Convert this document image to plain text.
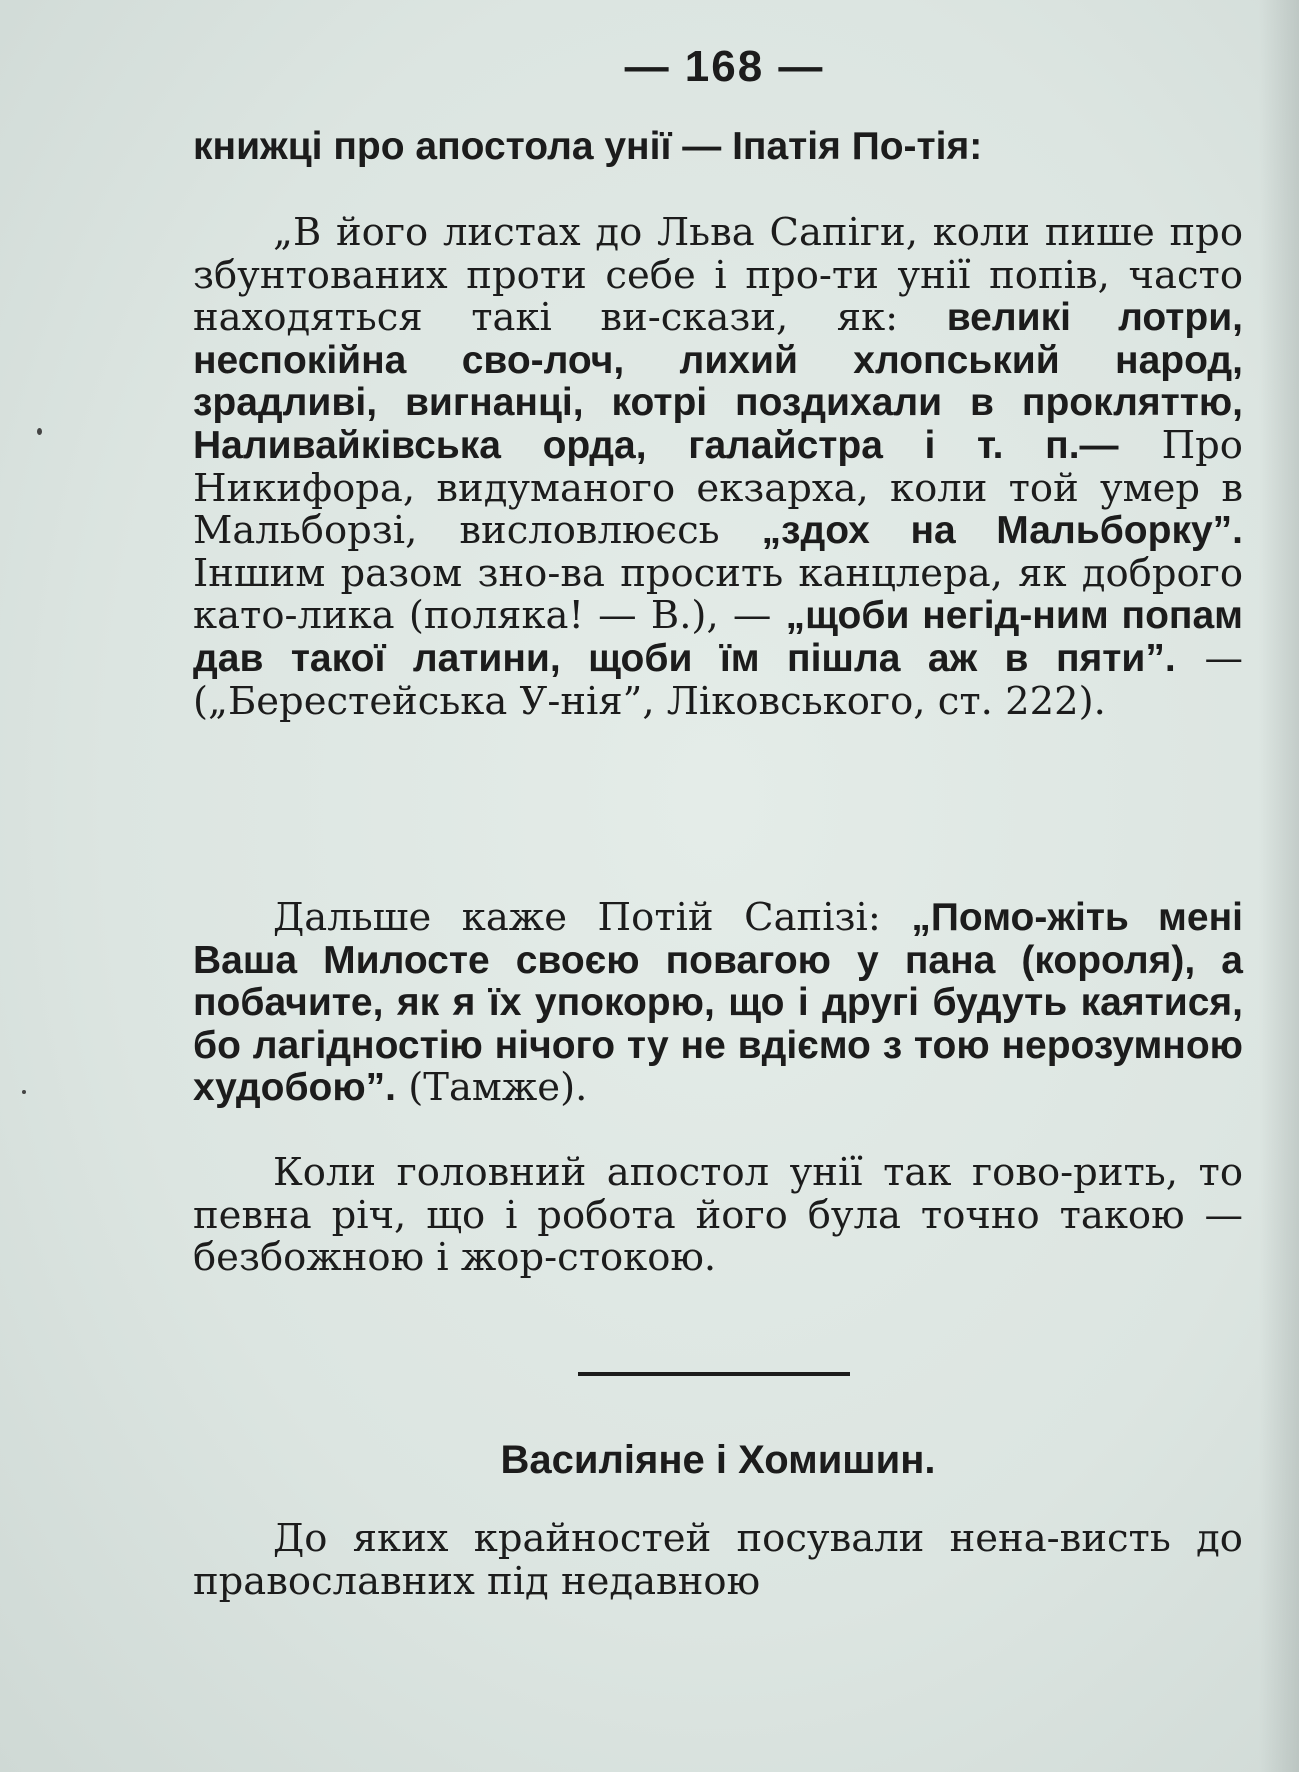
— 168 —

книжці про апостола унії — Іпатія По-тія:

„В його листах до Льва Сапіги, коли пише про збунтованих проти себе і про-ти унії попів, часто находяться такі ви-скази, як: великі лотри, неспокійна сво-лоч, лихий хлопський народ, зрадливі, вигнанці, котрі поздихали в прокляттю, Наливайківська орда, галайстра і т. п.— Про Никифора, видуманого екзарха, коли той умер в Мальборзі, висловлюєсь „здох на Мальборку”. Іншим разом зно-ва просить канцлера, як доброго като-лика (поляка! — В.), — „щоби негід-ним попам дав такої латини, щоби їм пішла аж в пяти”. — („Берестейська У-нія”, Ліковського, ст. 222).

Дальше каже Потій Сапізі: „Помо-жіть мені Ваша Милосте своєю повагою у пана (короля), а побачите, як я їх упокорю, що і другі будуть каятися, бо лагідностію нічого ту не вдіємо з тою нерозумною худобою”. (Тамже).

Коли головний апостол унії так гово-рить, то певна річ, що і робота його була точно такою — безбожною і жор-стокою.

Василіяне і Хомишин.

До яких крайностей посували нена-висть до православних під недавною
